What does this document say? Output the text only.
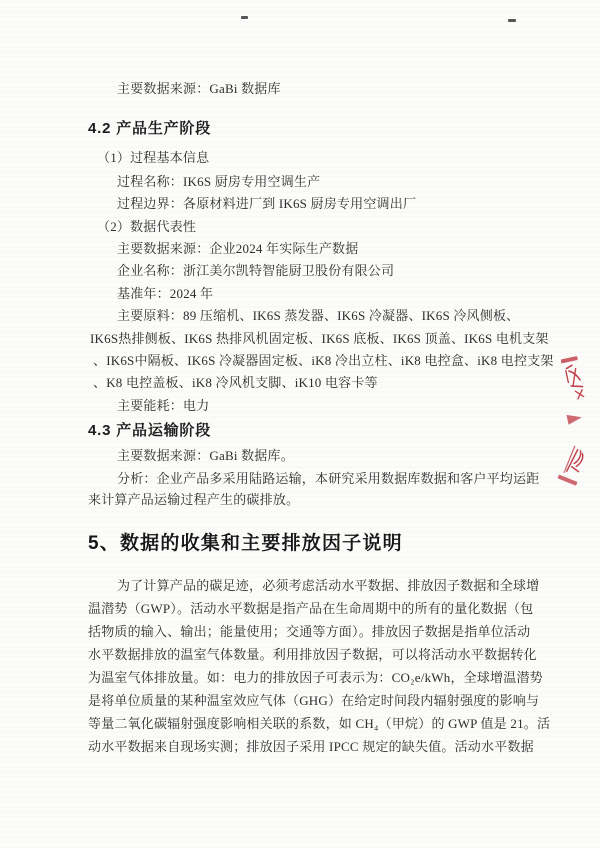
主要数据来源：GaBi 数据库
4.2 产品生产阶段
（1）过程基本信息
过程名称：IK6S 厨房专用空调生产
过程边界：各原材料进厂到 IK6S 厨房专用空调出厂
（2）数据代表性
主要数据来源：企业2024 年实际生产数据
企业名称：浙江美尔凯特智能厨卫股份有限公司
基准年：2024 年
主要原料：89 压缩机、IK6S 蒸发器、IK6S 冷凝器、IK6S 冷风侧板、
IK6S热排侧板、IK6S 热排风机固定板、IK6S 底板、IK6S 顶盖、IK6S 电机支架
、IK6S中隔板、IK6S 冷凝器固定板、iK8 冷出立柱、iK8 电控盒、iK8 电控支架
、K8 电控盖板、iK8 冷风机支脚、iK10 电容卡等
主要能耗：电力
4.3 产品运输阶段
主要数据来源：GaBi 数据库。
分析：企业产品多采用陆路运输，本研究采用数据库数据和客户平均运距
来计算产品运输过程产生的碳排放。
5、数据的收集和主要排放因子说明
为了计算产品的碳足迹，必须考虑活动水平数据、排放因子数据和全球增
温潜势（GWP）。活动水平数据是指产品在生命周期中的所有的量化数据（包
括物质的输入、输出；能量使用；交通等方面）。排放因子数据是指单位活动
水平数据排放的温室气体数量。利用排放因子数据，可以将活动水平数据转化
为温室气体排放量。如：电力的排放因子可表示为：CO₂e/kWh，全球增温潜势
是将单位质量的某种温室效应气体（GHG）在给定时间段内辐射强度的影响与
等量二氧化碳辐射强度影响相关联的系数，如 CH₄（甲烷）的 GWP 值是 21。活
动水平数据来自现场实测；排放因子采用 IPCC 规定的缺失值。活动水平数据
